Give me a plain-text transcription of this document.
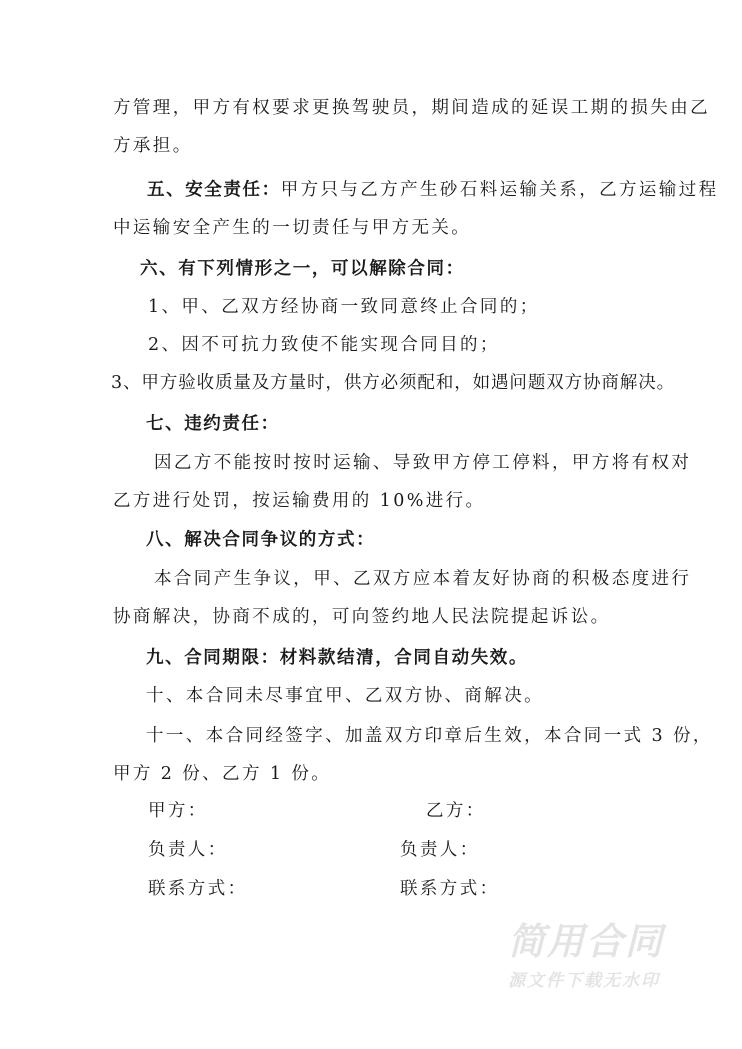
方管理，甲方有权要求更换驾驶员，期间造成的延误工期的损失由乙
方承担。
五、安全责任：甲方只与乙方产生砂石料运输关系，乙方运输过程
中运输安全产生的一切责任与甲方无关。
六、有下列情形之一，可以解除合同：
1、甲、乙双方经协商一致同意终止合同的；
2、因不可抗力致使不能实现合同目的；
3、甲方验收质量及方量时，供方必须配和，如遇问题双方协商解决。
七、违约责任：
因乙方不能按时按时运输、导致甲方停工停料，甲方将有权对
乙方进行处罚，按运输费用的 10%进行。
八、解决合同争议的方式：
本合同产生争议，甲、乙双方应本着友好协商的积极态度进行
协商解决，协商不成的，可向签约地人民法院提起诉讼。
九、合同期限：材料款结清，合同自动失效。
十、本合同未尽事宜甲、乙双方协、商解决。
十一、本合同经签字、加盖双方印章后生效，本合同一式 3 份，
甲方 2 份、乙方 1 份。
甲方：
负责人：
联系方式：
乙方：
负责人：
联系方式：
简用合同
源文件下载无水印
